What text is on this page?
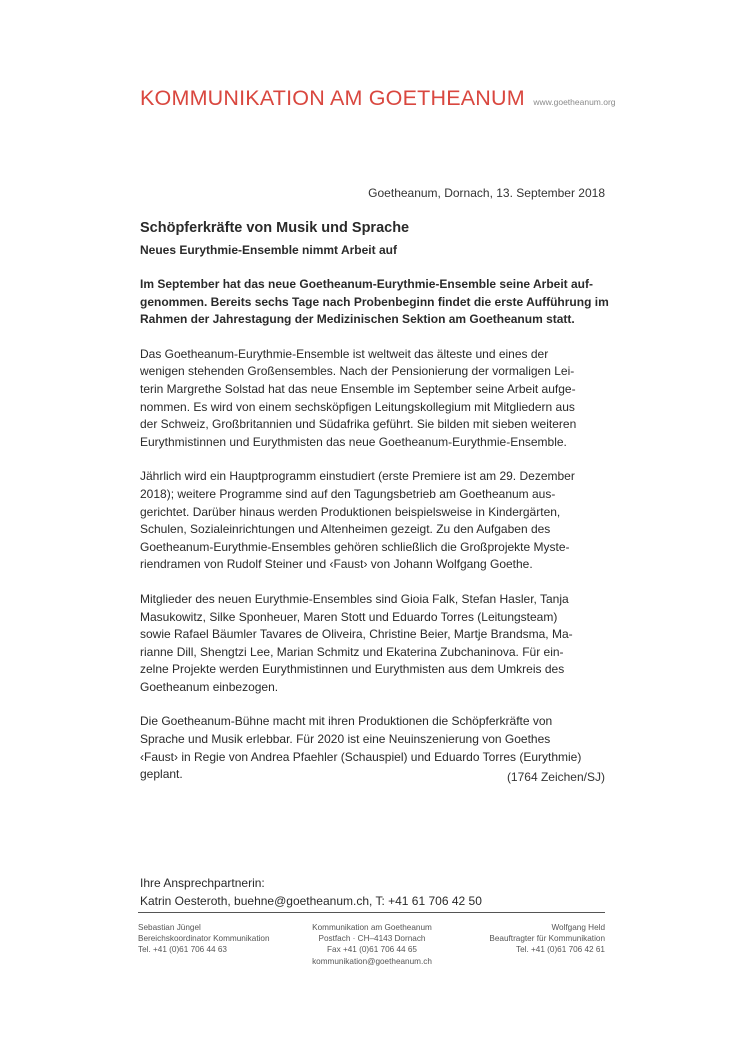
KOMMUNIKATION AM GOETHEANUM www.goetheanum.org
Goetheanum, Dornach, 13. September 2018
Schöpferkräfte von Musik und Sprache
Neues Eurythmie-Ensemble nimmt Arbeit auf

Im September hat das neue Goetheanum-Eurythmie-Ensemble seine Arbeit auf-
genommen. Bereits sechs Tage nach Probenbeginn findet die erste Aufführung im
Rahmen der Jahrestagung der Medizinischen Sektion am Goetheanum statt.

Das Goetheanum-Eurythmie-Ensemble ist weltweit das älteste und eines der
wenigen stehenden Großensembles. Nach der Pensionierung der vormaligen Lei-
terin Margrethe Solstad hat das neue Ensemble im September seine Arbeit aufge-
nommen. Es wird von einem sechsköpfigen Leitungskollegium mit Mitgliedern aus
der Schweiz, Großbritannien und Südafrika geführt. Sie bilden mit sieben weiteren
Eurythmistinnen und Eurythmisten das neue Goetheanum-Eurythmie-Ensemble.

Jährlich wird ein Hauptprogramm einstudiert (erste Premiere ist am 29. Dezember
2018); weitere Programme sind auf den Tagungsbetrieb am Goetheanum aus-
gerichtet. Darüber hinaus werden Produktionen beispielsweise in Kindergärten,
Schulen, Sozialeinrichtungen und Altenheimen gezeigt. Zu den Aufgaben des
Goetheanum-Eurythmie-Ensembles gehören schließlich die Großprojekte Myste-
riendramen von Rudolf Steiner und ‹Faust› von Johann Wolfgang Goethe.

Mitglieder des neuen Eurythmie-Ensembles sind Gioia Falk, Stefan Hasler, Tanja
Masukowitz, Silke Sponheuer, Maren Stott und Eduardo Torres (Leitungsteam)
sowie Rafael Bäumler Tavares de Oliveira, Christine Beier, Martje Brandsma, Ma-
rianne Dill, Shengtzi Lee, Marian Schmitz und Ekaterina Zubchaninova. Für ein-
zelne Projekte werden Eurythmistinnen und Eurythmisten aus dem Umkreis des
Goetheanum einbezogen.

Die Goetheanum-Bühne macht mit ihren Produktionen die Schöpferkräfte von
Sprache und Musik erlebbar. Für 2020 ist eine Neuinszenierung von Goethes
‹Faust› in Regie von Andrea Pfaehler (Schauspiel) und Eduardo Torres (Eurythmie)
geplant.	(1764 Zeichen/SJ)
Ihre Ansprechpartnerin:
Katrin Oesteroth, buehne@goetheanum.ch, T: +41 61 706 42 50
Sebastian Jüngel
Bereichskoordinator Kommunikation
Tel. +41 (0)61 706 44 63
Kommunikation am Goetheanum
Postfach · CH–4143 Dornach
Fax +41 (0)61 706 44 65
kommunikation@goetheanum.ch
Wolfgang Held
Beauftragter für Kommunikation
Tel. +41 (0)61 706 42 61
